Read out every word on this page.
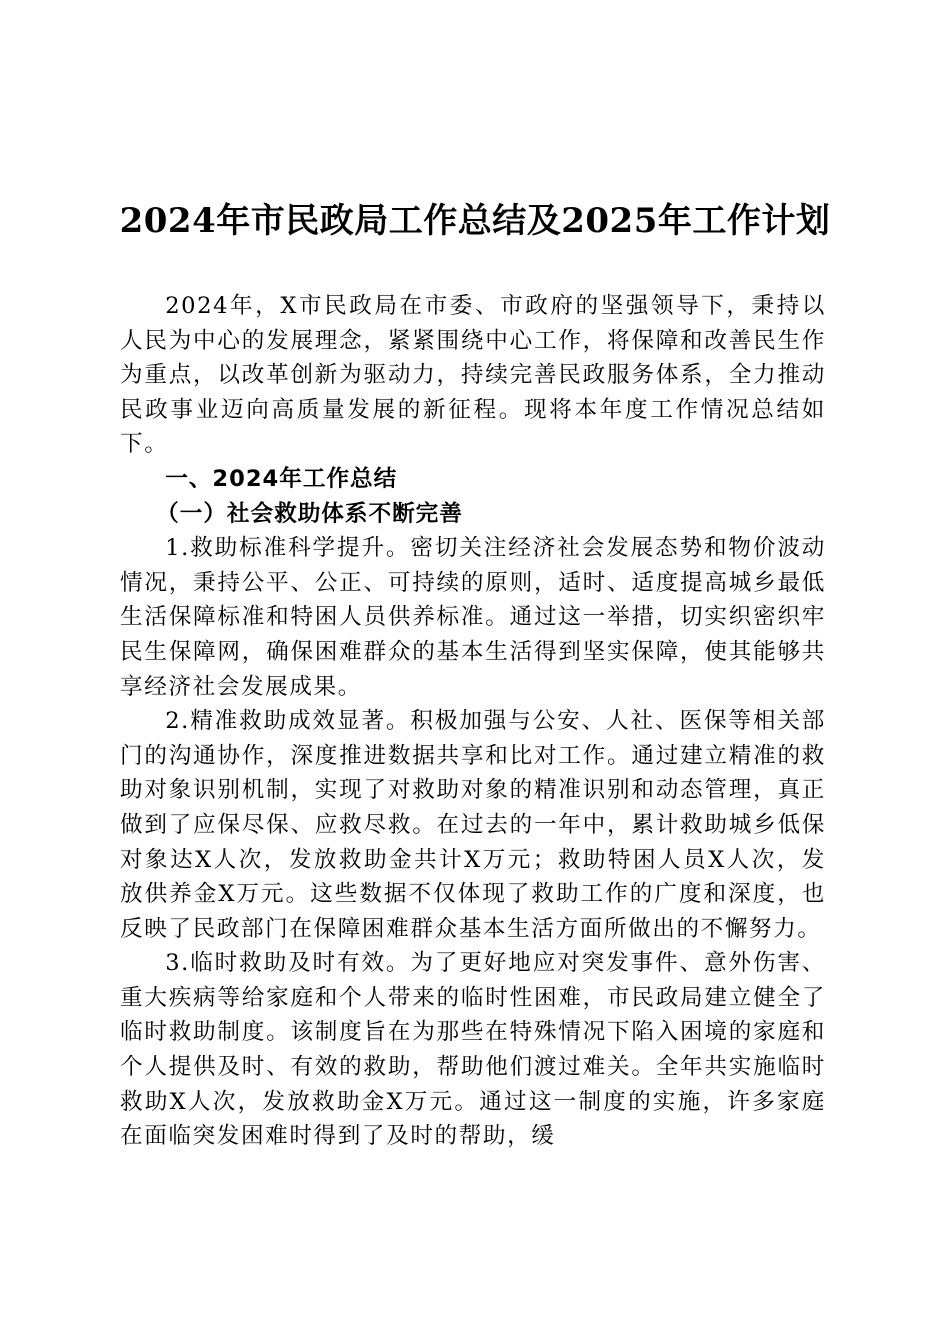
2024年市民政局工作总结及2025年工作计划

2024年，X市民政局在市委、市政府的坚强领导下，秉持以人民为中心的发展理念，紧紧围绕中心工作，将保障和改善民生作为重点，以改革创新为驱动力，持续完善民政服务体系，全力推动民政事业迈向高质量发展的新征程。现将本年度工作情况总结如下。

一、2024年工作总结

（一）社会救助体系不断完善

1.救助标准科学提升。密切关注经济社会发展态势和物价波动情况，秉持公平、公正、可持续的原则，适时、适度提高城乡最低生活保障标准和特困人员供养标准。通过这一举措，切实织密织牢民生保障网，确保困难群众的基本生活得到坚实保障，使其能够共享经济社会发展成果。

2.精准救助成效显著。积极加强与公安、人社、医保等相关部门的沟通协作，深度推进数据共享和比对工作。通过建立精准的救助对象识别机制，实现了对救助对象的精准识别和动态管理，真正做到了应保尽保、应救尽救。在过去的一年中，累计救助城乡低保对象达X人次，发放救助金共计X万元；救助特困人员X人次，发放供养金X万元。这些数据不仅体现了救助工作的广度和深度，也反映了民政部门在保障困难群众基本生活方面所做出的不懈努力。

3.临时救助及时有效。为了更好地应对突发事件、意外伤害、重大疾病等给家庭和个人带来的临时性困难，市民政局建立健全了临时救助制度。该制度旨在为那些在特殊情况下陷入困境的家庭和个人提供及时、有效的救助，帮助他们渡过难关。全年共实施临时救助X人次，发放救助金X万元。通过这一制度的实施，许多家庭在面临突发困难时得到了及时的帮助，缓
